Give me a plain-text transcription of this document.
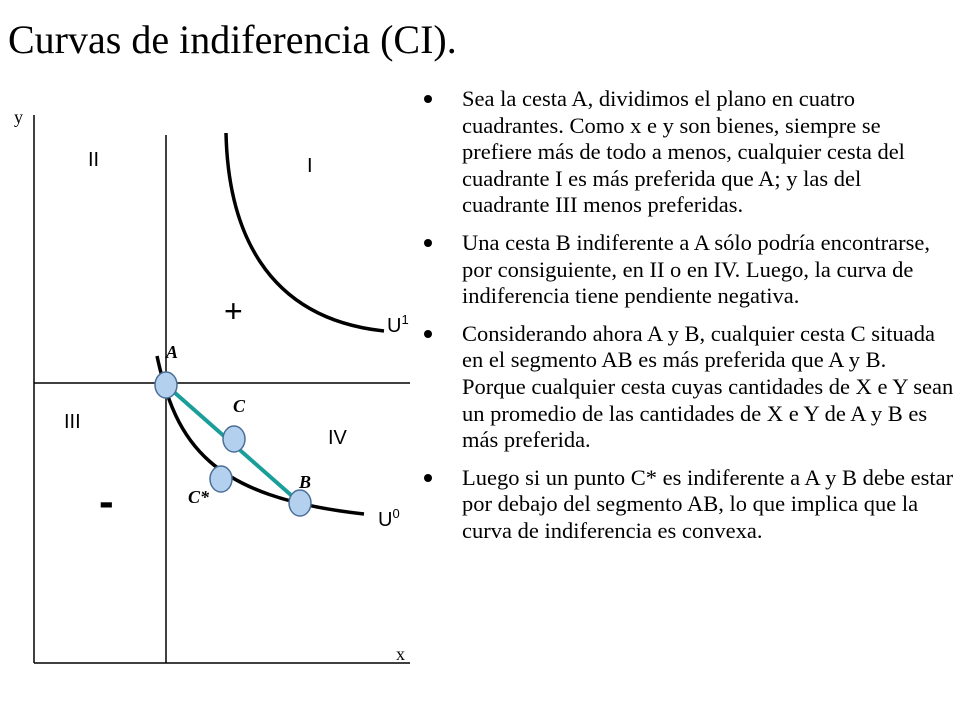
Curvas de indiferencia (CI).
y
x
II	I
III
IV
+
-
$U^1$
$U^0$
A
C
B
C*
Sea la cesta A, dividimos el plano en cuatro cuadrantes. Como x e y son bienes, siempre se prefiere más de todo a menos, cualquier cesta del cuadrante I es más preferida que A; y las del cuadrante III menos preferidas.
Una cesta B indiferente a A sólo podría encontrarse, por consiguiente, en II o en IV. Luego, la curva de indiferencia tiene pendiente negativa.
Considerando ahora A y B, cualquier cesta C situada en el segmento AB es más preferida que A y B. Porque cualquier cesta cuyas cantidades de X e Y sean un promedio de las cantidades de X e Y de A y B es más preferida.
Luego si un punto C* es indiferente a A y B debe estar por debajo del segmento AB, lo que implica que la curva de indiferencia es convexa.
